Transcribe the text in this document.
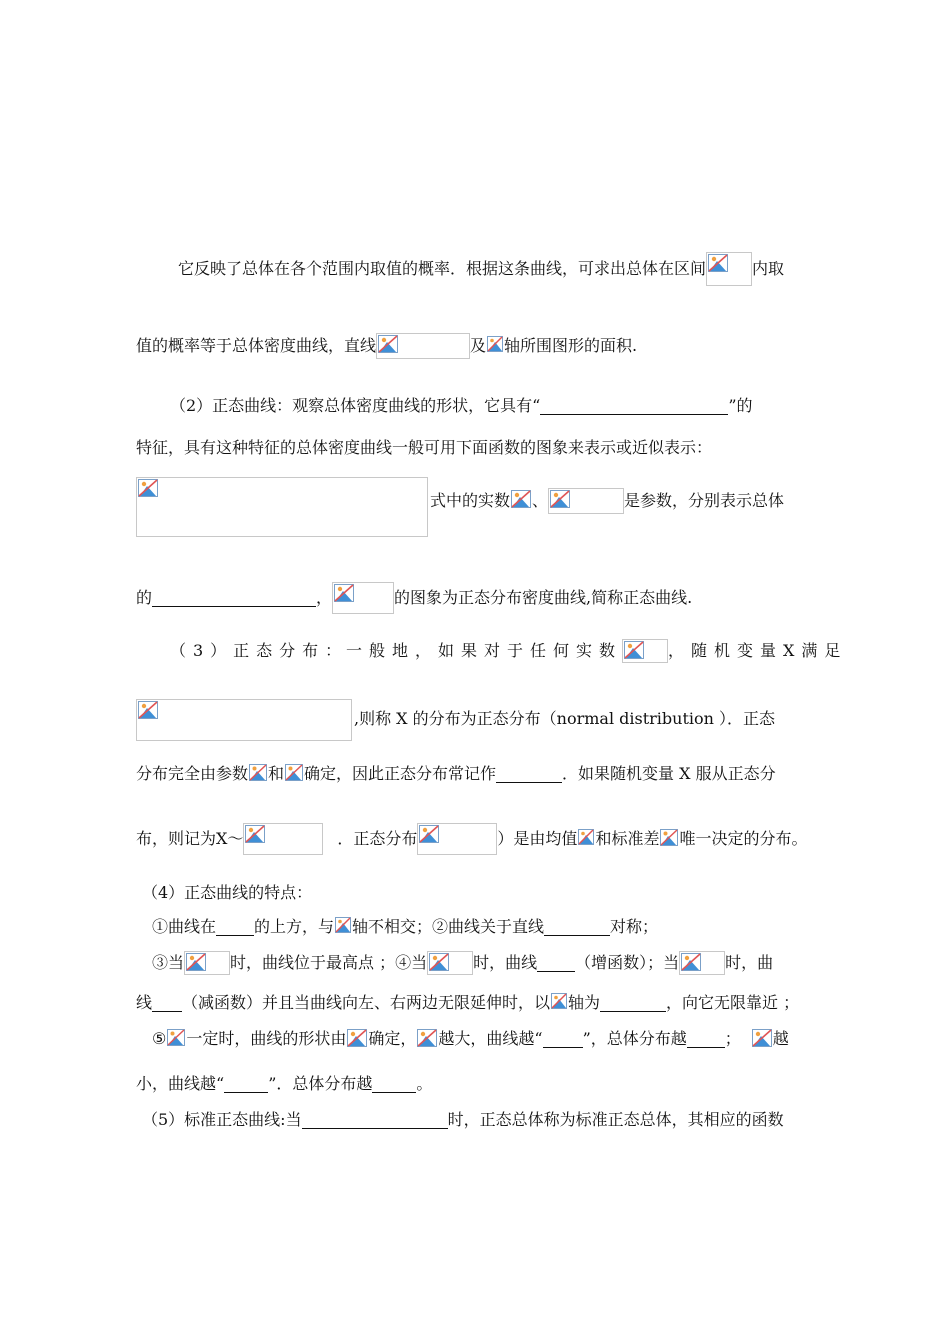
它反映了总体在各个范围内取值的概率．根据这条曲线，可求出总体在区间	内取
值的概率等于总体密度曲线，直线	及 轴所围图形的面积.
（2）正态曲线：观察总体密度曲线的形状，它具有“	”的
特征，具有这种特征的总体密度曲线一般可用下面函数的图象来表示或近似表示：
式中的实数 、	是参数，分别表示总体
的	，	的图象为正态分布密度曲线,简称正态曲线.
（3）正态分布：
一般地，如果对于任何实数	，随机变量X满足
,则称 X 的分布为正态分布（normal distribution ）．正态
分布完全由参数 和 确定，因此正态分布常记作	．如果随机变量 X 服从正态分
布，则记为X～	．正态分布	）是由均值 和标准差 唯一决定的分布。
（4）正态曲线的特点：
①曲线在 的上方，与 轴不相交；②曲线关于直线	对称；
③当	时，曲线位于最高点 ；④当	时，曲线 （增函数）；当	时，曲
线 （减函数）并且当曲线向左、右两边无限延伸时，以 轴为	，向它无限靠近 ；
⑤ 一定时，曲线的形状由 确定， 越大，曲线越“	”，总体分布越 ； 越
小，曲线越“	”．总体分布越	。
（5）标准正态曲线:当	时，正态总体称为标准正态总体，其相应的函数
